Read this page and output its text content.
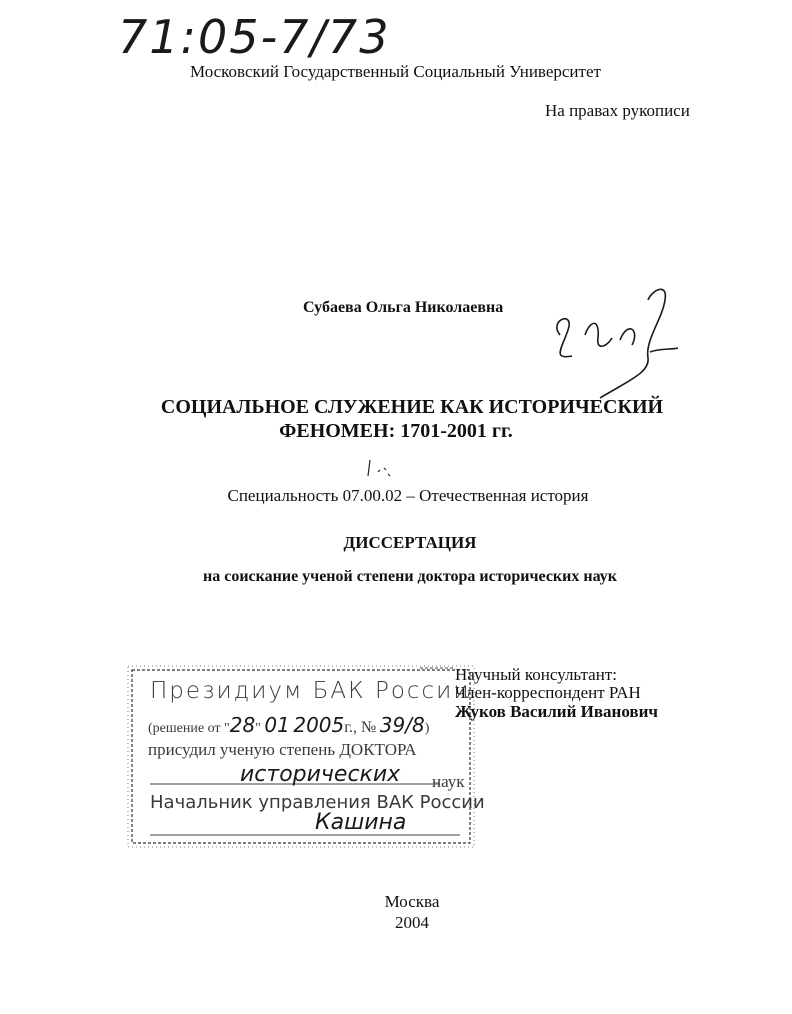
71:05-7/73
Московский Государственный Социальный Университет
На правах рукописи
Субаева Ольга Николаевна
СОЦИАЛЬНОЕ СЛУЖЕНИЕ КАК ИСТОРИЧЕСКИЙ
ФЕНОМЕН: 1701-2001 гг.
Специальность 07.00.02 – Отечественная история
ДИССЕРТАЦИЯ
на соискание ученой степени доктора исторических наук
Научный консультант:
Член-корреспондент РАН
Жуков Василий Иванович
Президиум БАК России
(решение от "28" 01 2005г., № 39/8)
присудил ученую степень ДОКТОРА
исторических наук
Начальник управления ВАК России
Кашина
Москва
2004
